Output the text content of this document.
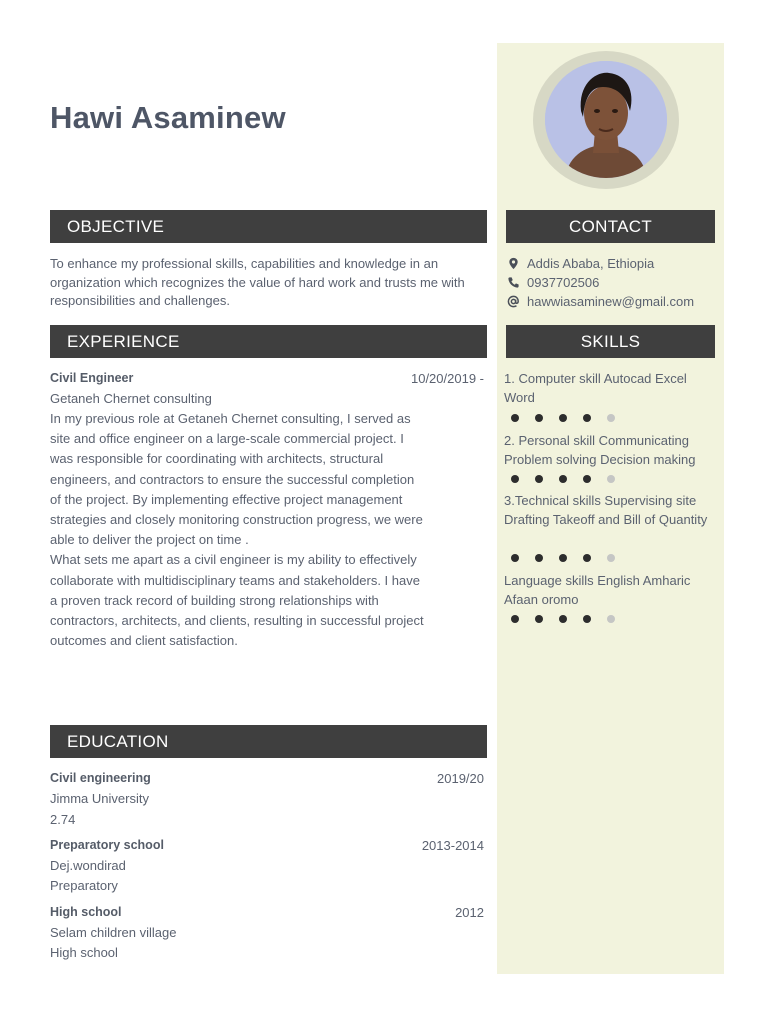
Hawi Asaminew
OBJECTIVE
To enhance my professional skills, capabilities and knowledge in an organization which recognizes the value of hard work and trusts me with responsibilities and challenges.
EXPERIENCE
Civil Engineer	10/20/2019 -
Getaneh Chernet consulting
In my previous role at Getaneh Chernet consulting, I served as site and office engineer on a large-scale commercial project. I was responsible for coordinating with architects, structural engineers, and contractors to ensure the successful completion of the project. By implementing effective project management strategies and closely monitoring construction progress, we were able to deliver the project on time .
What sets me apart as a civil engineer is my ability to effectively collaborate with multidisciplinary teams and stakeholders. I have a proven track record of building strong relationships with contractors, architects, and clients, resulting in successful project outcomes and client satisfaction.
EDUCATION
Civil engineering	2019/20
Jimma University
2.74
Preparatory school	2013-2014
Dej.wondirad
Preparatory
High school	2012
Selam children village
High school
CONTACT
Addis Ababa, Ethiopia
0937702506
hawwiasaminew@gmail.com
SKILLS
1. Computer skill Autocad Excel Word
2. Personal skill Communicating Problem solving Decision making
3.Technical skills Supervising site Drafting Takeoff and Bill of Quantity
Language skills English Amharic Afaan oromo
